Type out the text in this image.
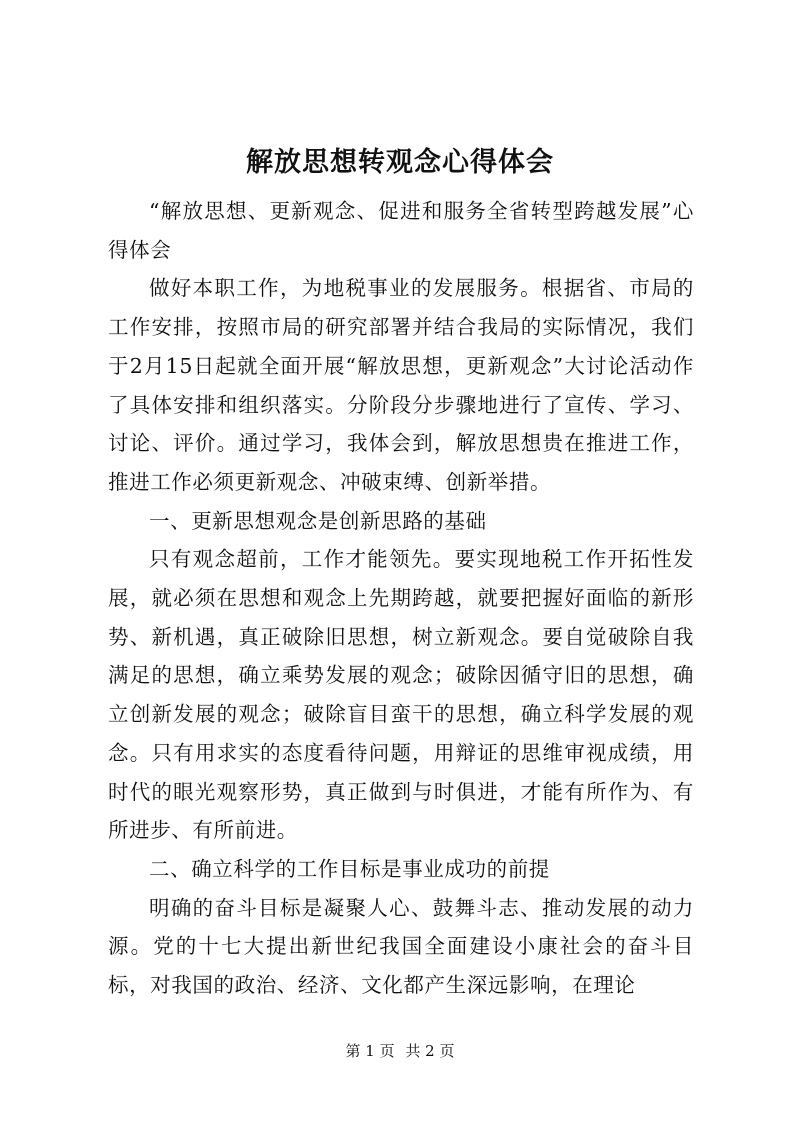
解放思想转观念心得体会

“解放思想、更新观念、促进和服务全省转型跨越发展”心得体会

做好本职工作，为地税事业的发展服务。根据省、市局的工作安排，按照市局的研究部署并结合我局的实际情况，我们于2月15日起就全面开展“解放思想，更新观念”大讨论活动作了具体安排和组织落实。分阶段分步骤地进行了宣传、学习、讨论、评价。通过学习，我体会到，解放思想贵在推进工作，推进工作必须更新观念、冲破束缚、创新举措。

一、更新思想观念是创新思路的基础

只有观念超前，工作才能领先。要实现地税工作开拓性发展，就必须在思想和观念上先期跨越，就要把握好面临的新形势、新机遇，真正破除旧思想，树立新观念。要自觉破除自我满足的思想，确立乘势发展的观念；破除因循守旧的思想，确立创新发展的观念；破除盲目蛮干的思想，确立科学发展的观念。只有用求实的态度看待问题，用辩证的思维审视成绩，用时代的眼光观察形势，真正做到与时俱进，才能有所作为、有所进步、有所前进。

二、确立科学的工作目标是事业成功的前提

明确的奋斗目标是凝聚人心、鼓舞斗志、推动发展的动力源。党的十七大提出新世纪我国全面建设小康社会的奋斗目标，对我国的政治、经济、文化都产生深远影响，在理论

第 1 页 共 2 页
